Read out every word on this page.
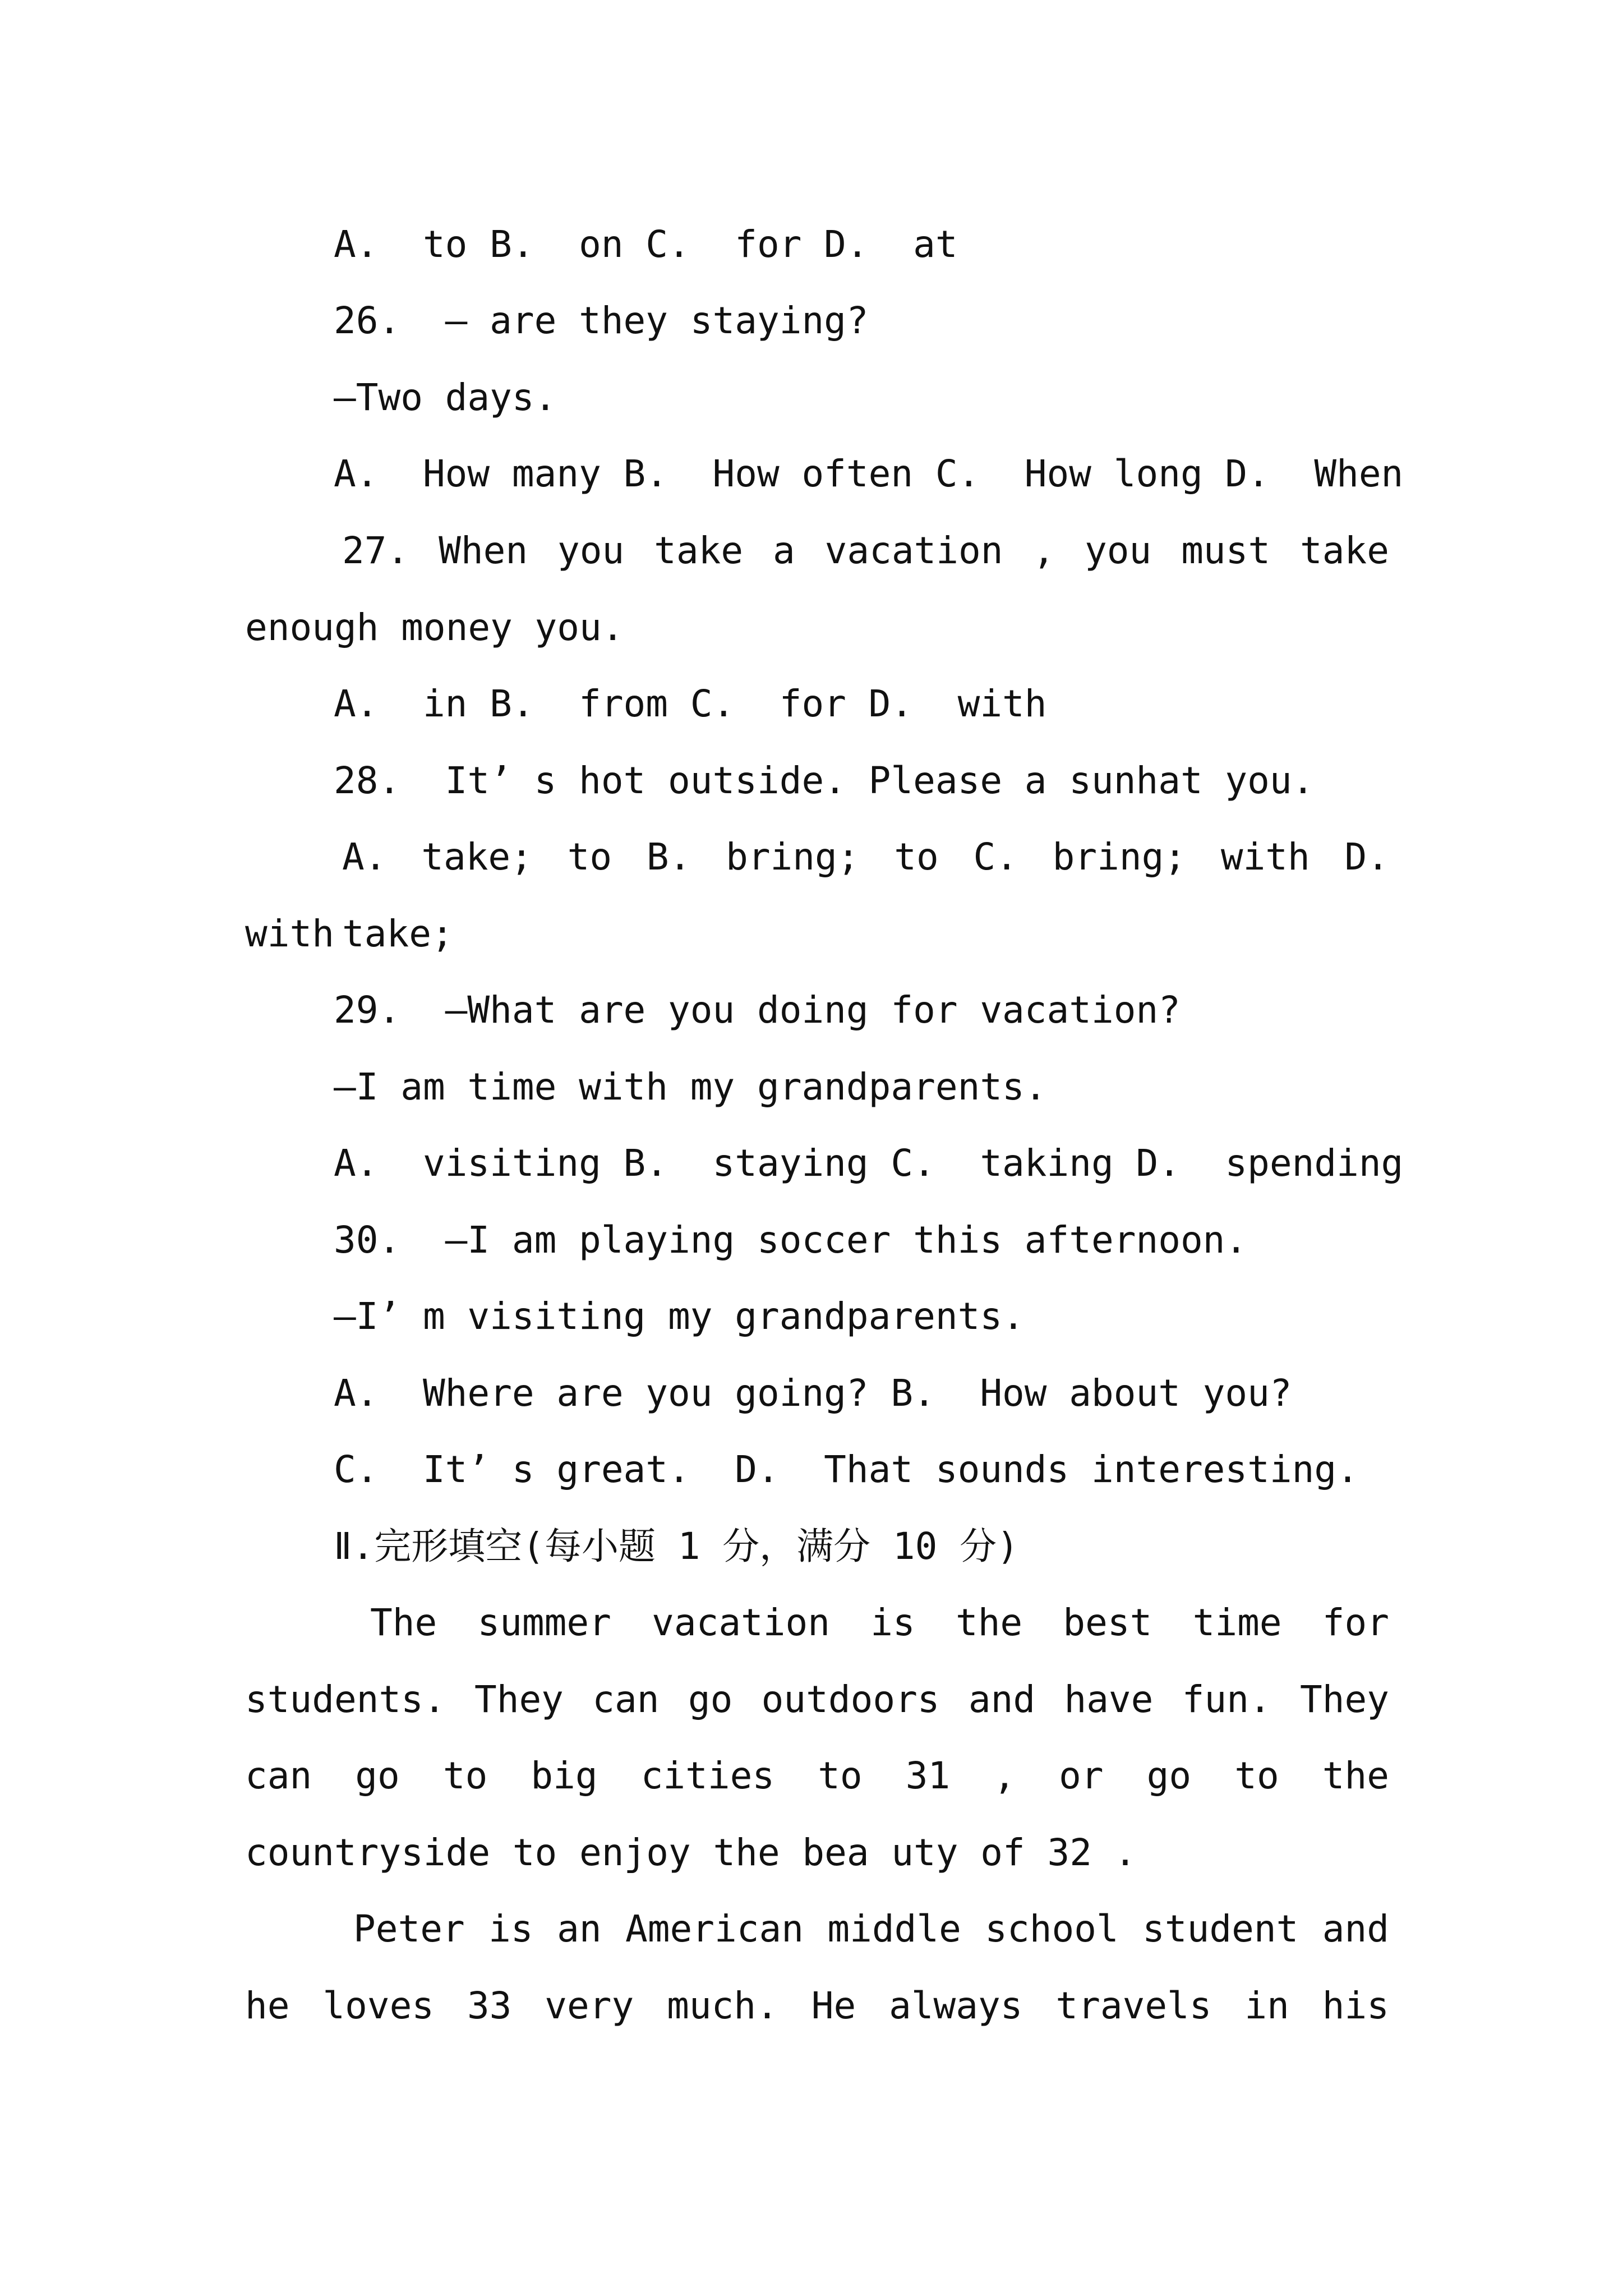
A.  to B.  on C.  for D.  at
26.  — are they staying?
—Two days.
A.  How many B.  How often C.  How long D.  When
27. When you take a vacation , you must take
enough money you.
A.  in B.  from C.  for D.  with
28.  It’ s hot outside. Please a sunhat you.
A. take; to B. bring; to C. bring; with D. take;
with
29.  —What are you doing for vacation?
—I am time with my grandparents.
A.  visiting B.  staying C.  taking D.  spending
30.  —I am playing soccer this afternoon.
—I’ m visiting my grandparents.
A.  Where are you going? B.  How about you?
C.  It’ s great.  D.  That sounds interesting.
Ⅱ.完形填空(每小题 1 分，满分 10 分)
The summer vacation is the best time for
students. They can go outdoors and have fun. They
can go to big cities to 31 , or go to the
countryside to enjoy the bea uty of 32 .
Peter is an American middle school student and
he loves 33 very much. He always travels in his
